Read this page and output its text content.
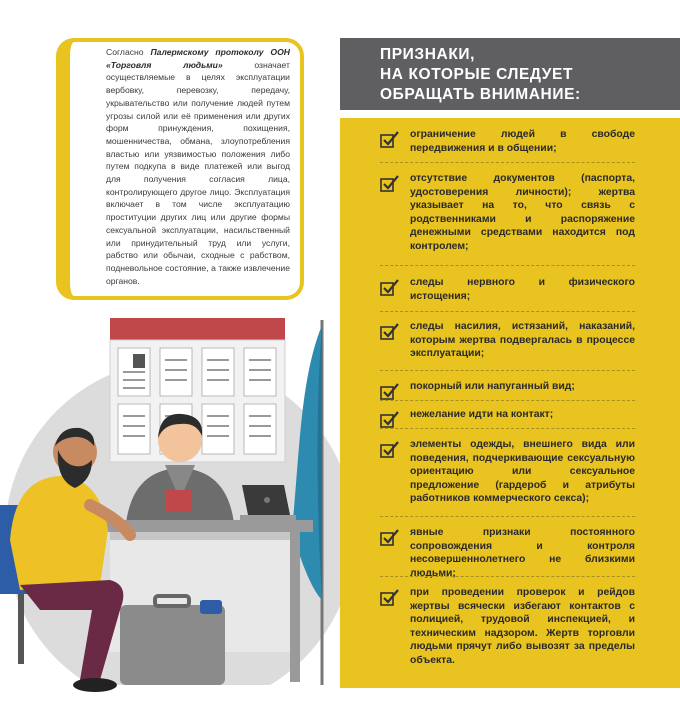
Согласно Палермскому протоколу ООН «Торговля людьми» означает осуществляемые в целях эксплуатации вербовку, перевозку, передачу, укрывательство или получение людей путем угрозы силой или её применения или других форм принуждения, похищения, мошенничества, обмана, злоупотребления властью или уязвимостью положения либо путем подкупа в виде платежей или выгод для получения согласия лица, контролирующего другое лицо. Эксплуатация включает в том числе эксплуатацию проституции других лиц или другие формы сексуальной эксплуатации, насильственный или принудительный труд или услуги, рабство или обычаи, сходные с рабством, подневольное состояние, а также извлечение органов.

ПРИЗНАКИ,
НА КОТОРЫЕ СЛЕДУЕТ
ОБРАЩАТЬ ВНИМАНИЕ:
ограничение людей в свободе передвижения и в общении;
отсутствие документов (паспорта, удостоверения личности); жертва указывает на то, что связь с родственниками и распоряжение денежными средствами находится под контролем;
следы нервного и физического истощения;
следы насилия, истязаний, наказаний, которым жертва подвергалась в процессе эксплуатации;
покорный или напуганный вид;
нежелание идти на контакт;
элементы одежды, внешнего вида или поведения, подчеркивающие сексуальную ориентацию или сексуальное предложение (гардероб и атрибуты работников коммерческого секса);
явные признаки постоянного сопровождения и контроля несовершеннолетнего не близкими людьми;
при проведении проверок и рейдов жертвы всячески избегают контактов с полицией, трудовой инспекцией, и техническим надзором. Жертв торговли людьми прячут либо вывозят за пределы объекта.
